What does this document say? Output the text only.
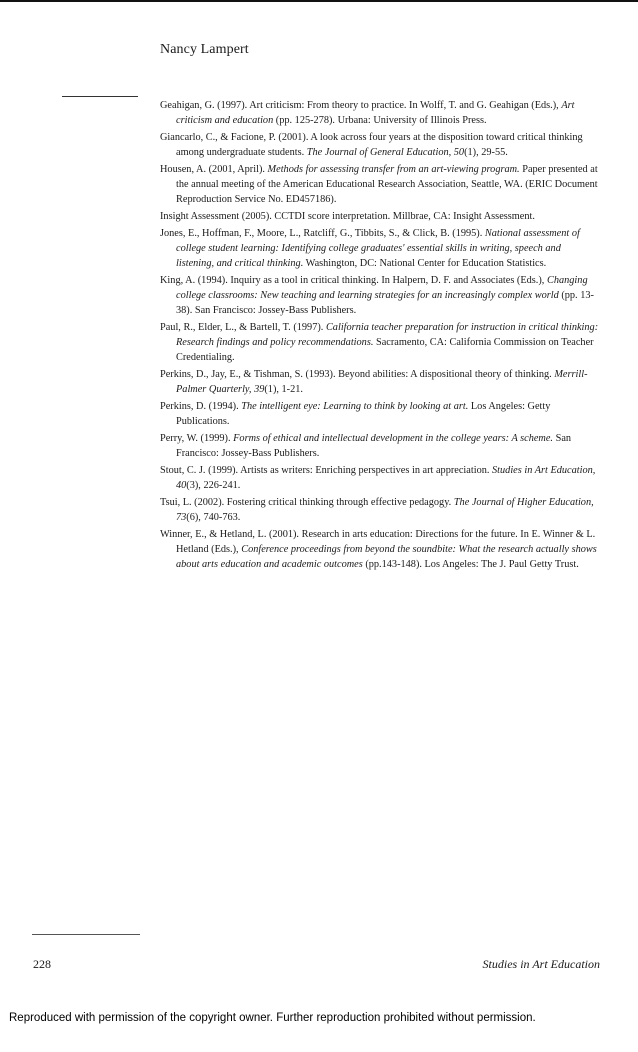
Nancy Lampert
Geahigan, G. (1997). Art criticism: From theory to practice. In Wolff, T. and G. Geahigan (Eds.), Art criticism and education (pp. 125-278). Urbana: University of Illinois Press.
Giancarlo, C., & Facione, P. (2001). A look across four years at the disposition toward critical thinking among undergraduate students. The Journal of General Education, 50(1), 29-55.
Housen, A. (2001, April). Methods for assessing transfer from an art-viewing program. Paper presented at the annual meeting of the American Educational Research Association, Seattle, WA. (ERIC Document Reproduction Service No. ED457186).
Insight Assessment (2005). CCTDI score interpretation. Millbrae, CA: Insight Assessment.
Jones, E., Hoffman, F., Moore, L., Ratcliff, G., Tibbits, S., & Click, B. (1995). National assessment of college student learning: Identifying college graduates' essential skills in writing, speech and listening, and critical thinking. Washington, DC: National Center for Education Statistics.
King, A. (1994). Inquiry as a tool in critical thinking. In Halpern, D. F. and Associates (Eds.), Changing college classrooms: New teaching and learning strategies for an increasingly complex world (pp. 13-38). San Francisco: Jossey-Bass Publishers.
Paul, R., Elder, L., & Bartell, T. (1997). California teacher preparation for instruction in critical thinking: Research findings and policy recommendations. Sacramento, CA: California Commission on Teacher Credentialing.
Perkins, D., Jay, E., & Tishman, S. (1993). Beyond abilities: A dispositional theory of thinking. Merrill-Palmer Quarterly, 39(1), 1-21.
Perkins, D. (1994). The intelligent eye: Learning to think by looking at art. Los Angeles: Getty Publications.
Perry, W. (1999). Forms of ethical and intellectual development in the college years: A scheme. San Francisco: Jossey-Bass Publishers.
Stout, C. J. (1999). Artists as writers: Enriching perspectives in art appreciation. Studies in Art Education, 40(3), 226-241.
Tsui, L. (2002). Fostering critical thinking through effective pedagogy. The Journal of Higher Education, 73(6), 740-763.
Winner, E., & Hetland, L. (2001). Research in arts education: Directions for the future. In E. Winner & L. Hetland (Eds.), Conference proceedings from beyond the soundbite: What the research actually shows about arts education and academic outcomes (pp.143-148). Los Angeles: The J. Paul Getty Trust.
228	Studies in Art Education
Reproduced with permission of the copyright owner. Further reproduction prohibited without permission.
